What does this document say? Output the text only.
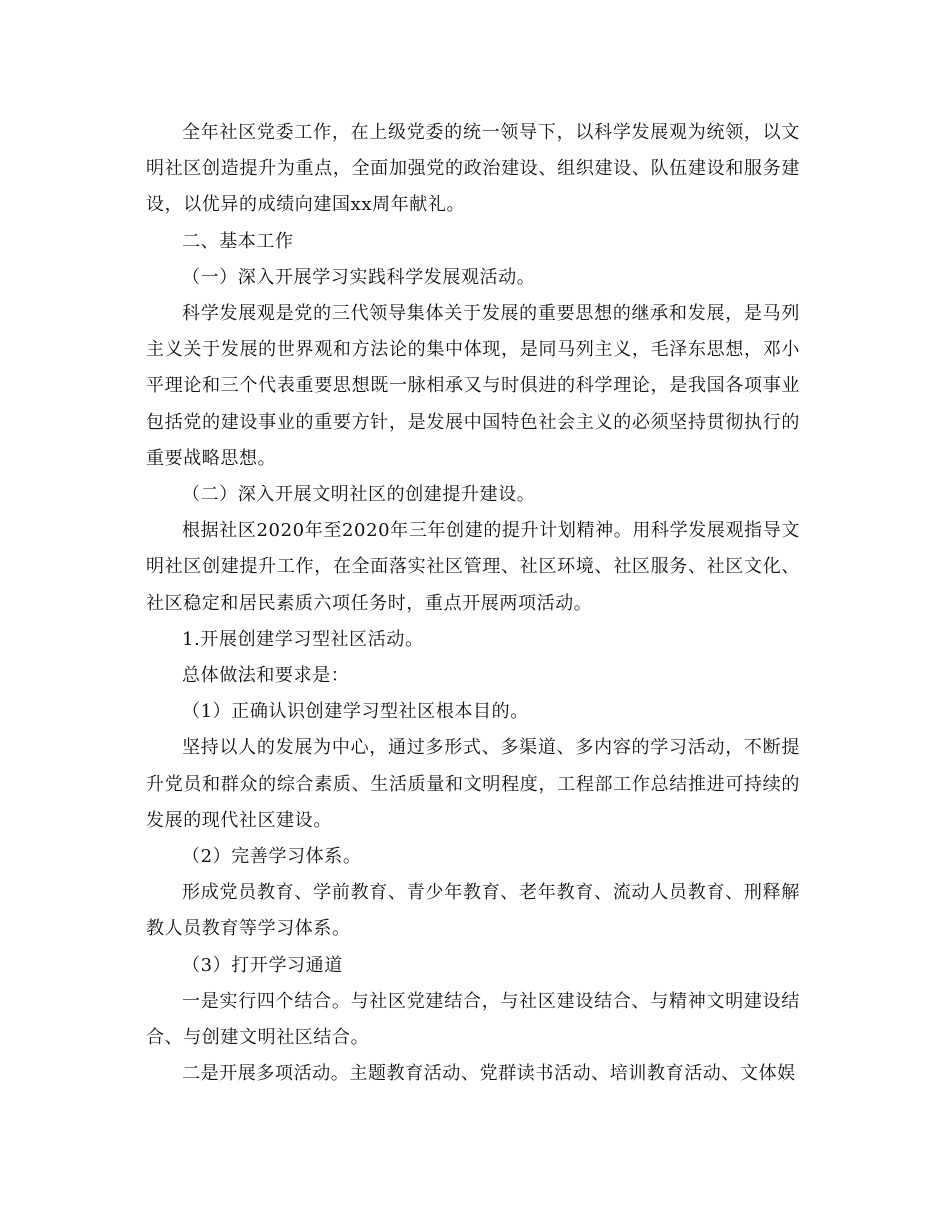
全年社区党委工作，在上级党委的统一领导下，以科学发展观为统领，以文明社区创造提升为重点，全面加强党的政治建设、组织建设、队伍建设和服务建设，以优异的成绩向建国xx周年献礼。

二、基本工作

（一）深入开展学习实践科学发展观活动。

科学发展观是党的三代领导集体关于发展的重要思想的继承和发展，是马列主义关于发展的世界观和方法论的集中体现，是同马列主义，毛泽东思想，邓小平理论和三个代表重要思想既一脉相承又与时俱进的科学理论，是我国各项事业包括党的建设事业的重要方针，是发展中国特色社会主义的必须坚持贯彻执行的重要战略思想。

（二）深入开展文明社区的创建提升建设。

根据社区2020年至2020年三年创建的提升计划精神。用科学发展观指导文明社区创建提升工作，在全面落实社区管理、社区环境、社区服务、社区文化、社区稳定和居民素质六项任务时，重点开展两项活动。

1.开展创建学习型社区活动。

总体做法和要求是：

（1）正确认识创建学习型社区根本目的。

坚持以人的发展为中心，通过多形式、多渠道、多内容的学习活动，不断提升党员和群众的综合素质、生活质量和文明程度，工程部工作总结推进可持续的发展的现代社区建设。

（2）完善学习体系。

形成党员教育、学前教育、青少年教育、老年教育、流动人员教育、刑释解教人员教育等学习体系。

（3）打开学习通道

一是实行四个结合。与社区党建结合，与社区建设结合、与精神文明建设结合、与创建文明社区结合。

二是开展多项活动。主题教育活动、党群读书活动、培训教育活动、文体娱
